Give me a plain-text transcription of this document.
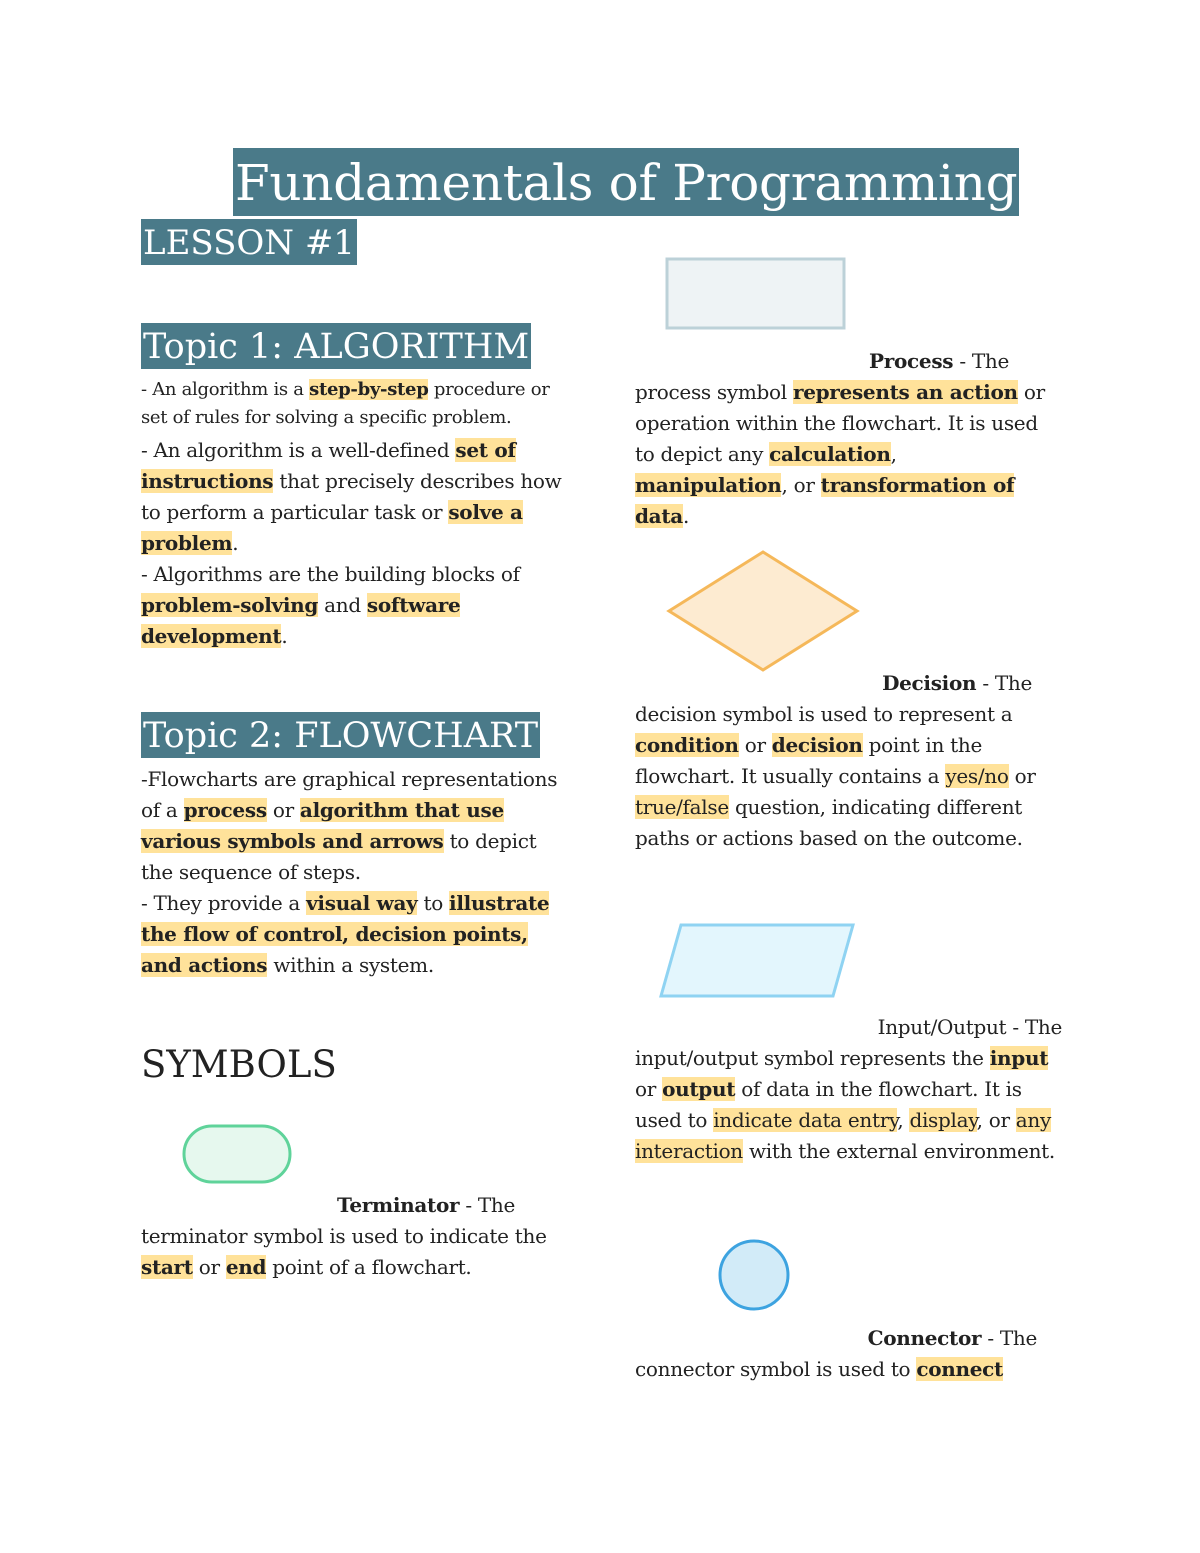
Fundamentals of Programming
LESSON #1
Topic 1: ALGORITHM

- An algorithm is a step-by-step procedure or set of rules for solving a specific problem.

- An algorithm is a well-defined set of instructions that precisely describes how to perform a particular task or solve a problem.

- Algorithms are the building blocks of problem-solving and software development.

Topic 2: FLOWCHART

-Flowcharts are graphical representations of a process or algorithm that use various symbols and arrows to depict the sequence of steps.

- They provide a visual way to illustrate the flow of control, decision points, and actions within a system.

SYMBOLS

Terminator - The

terminator symbol is used to indicate the start or end point of a flowchart.

Process - The

process symbol represents an action or operation within the flowchart. It is used to depict any calculation, manipulation, or transformation of data.

Decision - The

decision symbol is used to represent a condition or decision point in the flowchart. It usually contains a yes/no or true/false question, indicating different paths or actions based on the outcome.

Input/Output - The

input/output symbol represents the input or output of data in the flowchart. It is used to indicate data entry, display, or any interaction with the external environment.

Connector - The

connector symbol is used to connect
